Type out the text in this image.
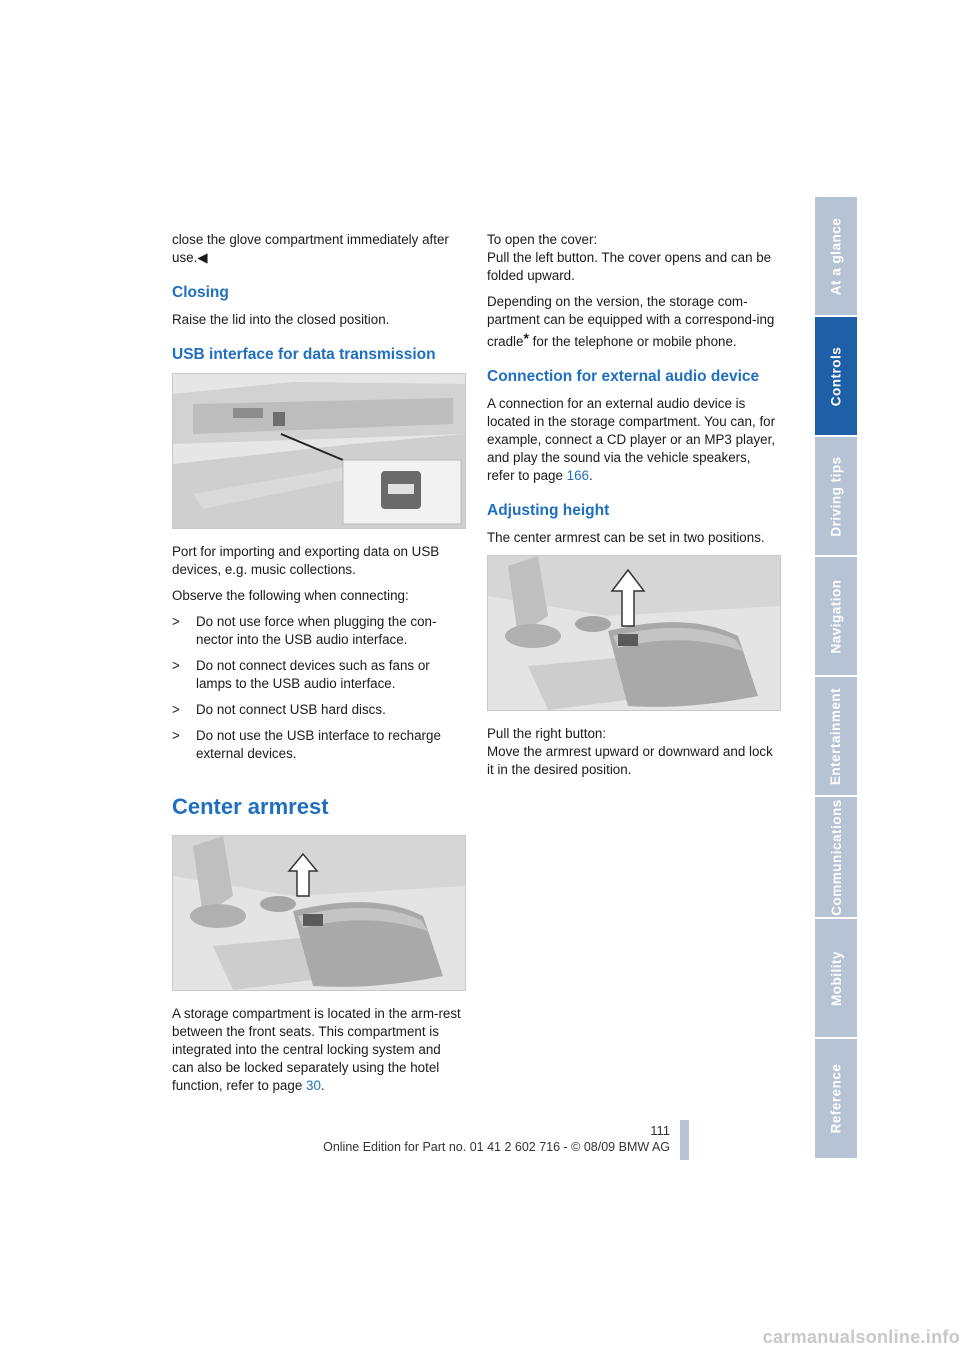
close the glove compartment immediately after use.◀

Closing

Raise the lid into the closed position.

USB interface for data transmission

Port for importing and exporting data on USB devices, e.g. music collections.

Observe the following when connecting:

> Do not use force when plugging the con-nector into the USB audio interface.
> Do not connect devices such as fans or lamps to the USB audio interface.
> Do not connect USB hard discs.
> Do not use the USB interface to recharge external devices.
Center armrest

A storage compartment is located in the arm-rest between the front seats. This compartment is integrated into the central locking system and can also be locked separately using the hotel function, refer to page 30.

To open the cover:
Pull the left button. The cover opens and can be folded upward.

Depending on the version, the storage com-partment can be equipped with a correspond-ing cradle* for the telephone or mobile phone.

Connection for external audio device

A connection for an external audio device is located in the storage compartment. You can, for example, connect a CD player or an MP3 player, and play the sound via the vehicle speakers, refer to page 166.

Adjusting height

The center armrest can be set in two positions.

Pull the right button:
Move the armrest upward or downward and lock it in the desired position.

At a glance
Controls
Driving tips
Navigation
Entertainment
Communications
Mobility
Reference
111
Online Edition for Part no. 01 41 2 602 716 - © 08/09 BMW AG
carmanualsonline.info
